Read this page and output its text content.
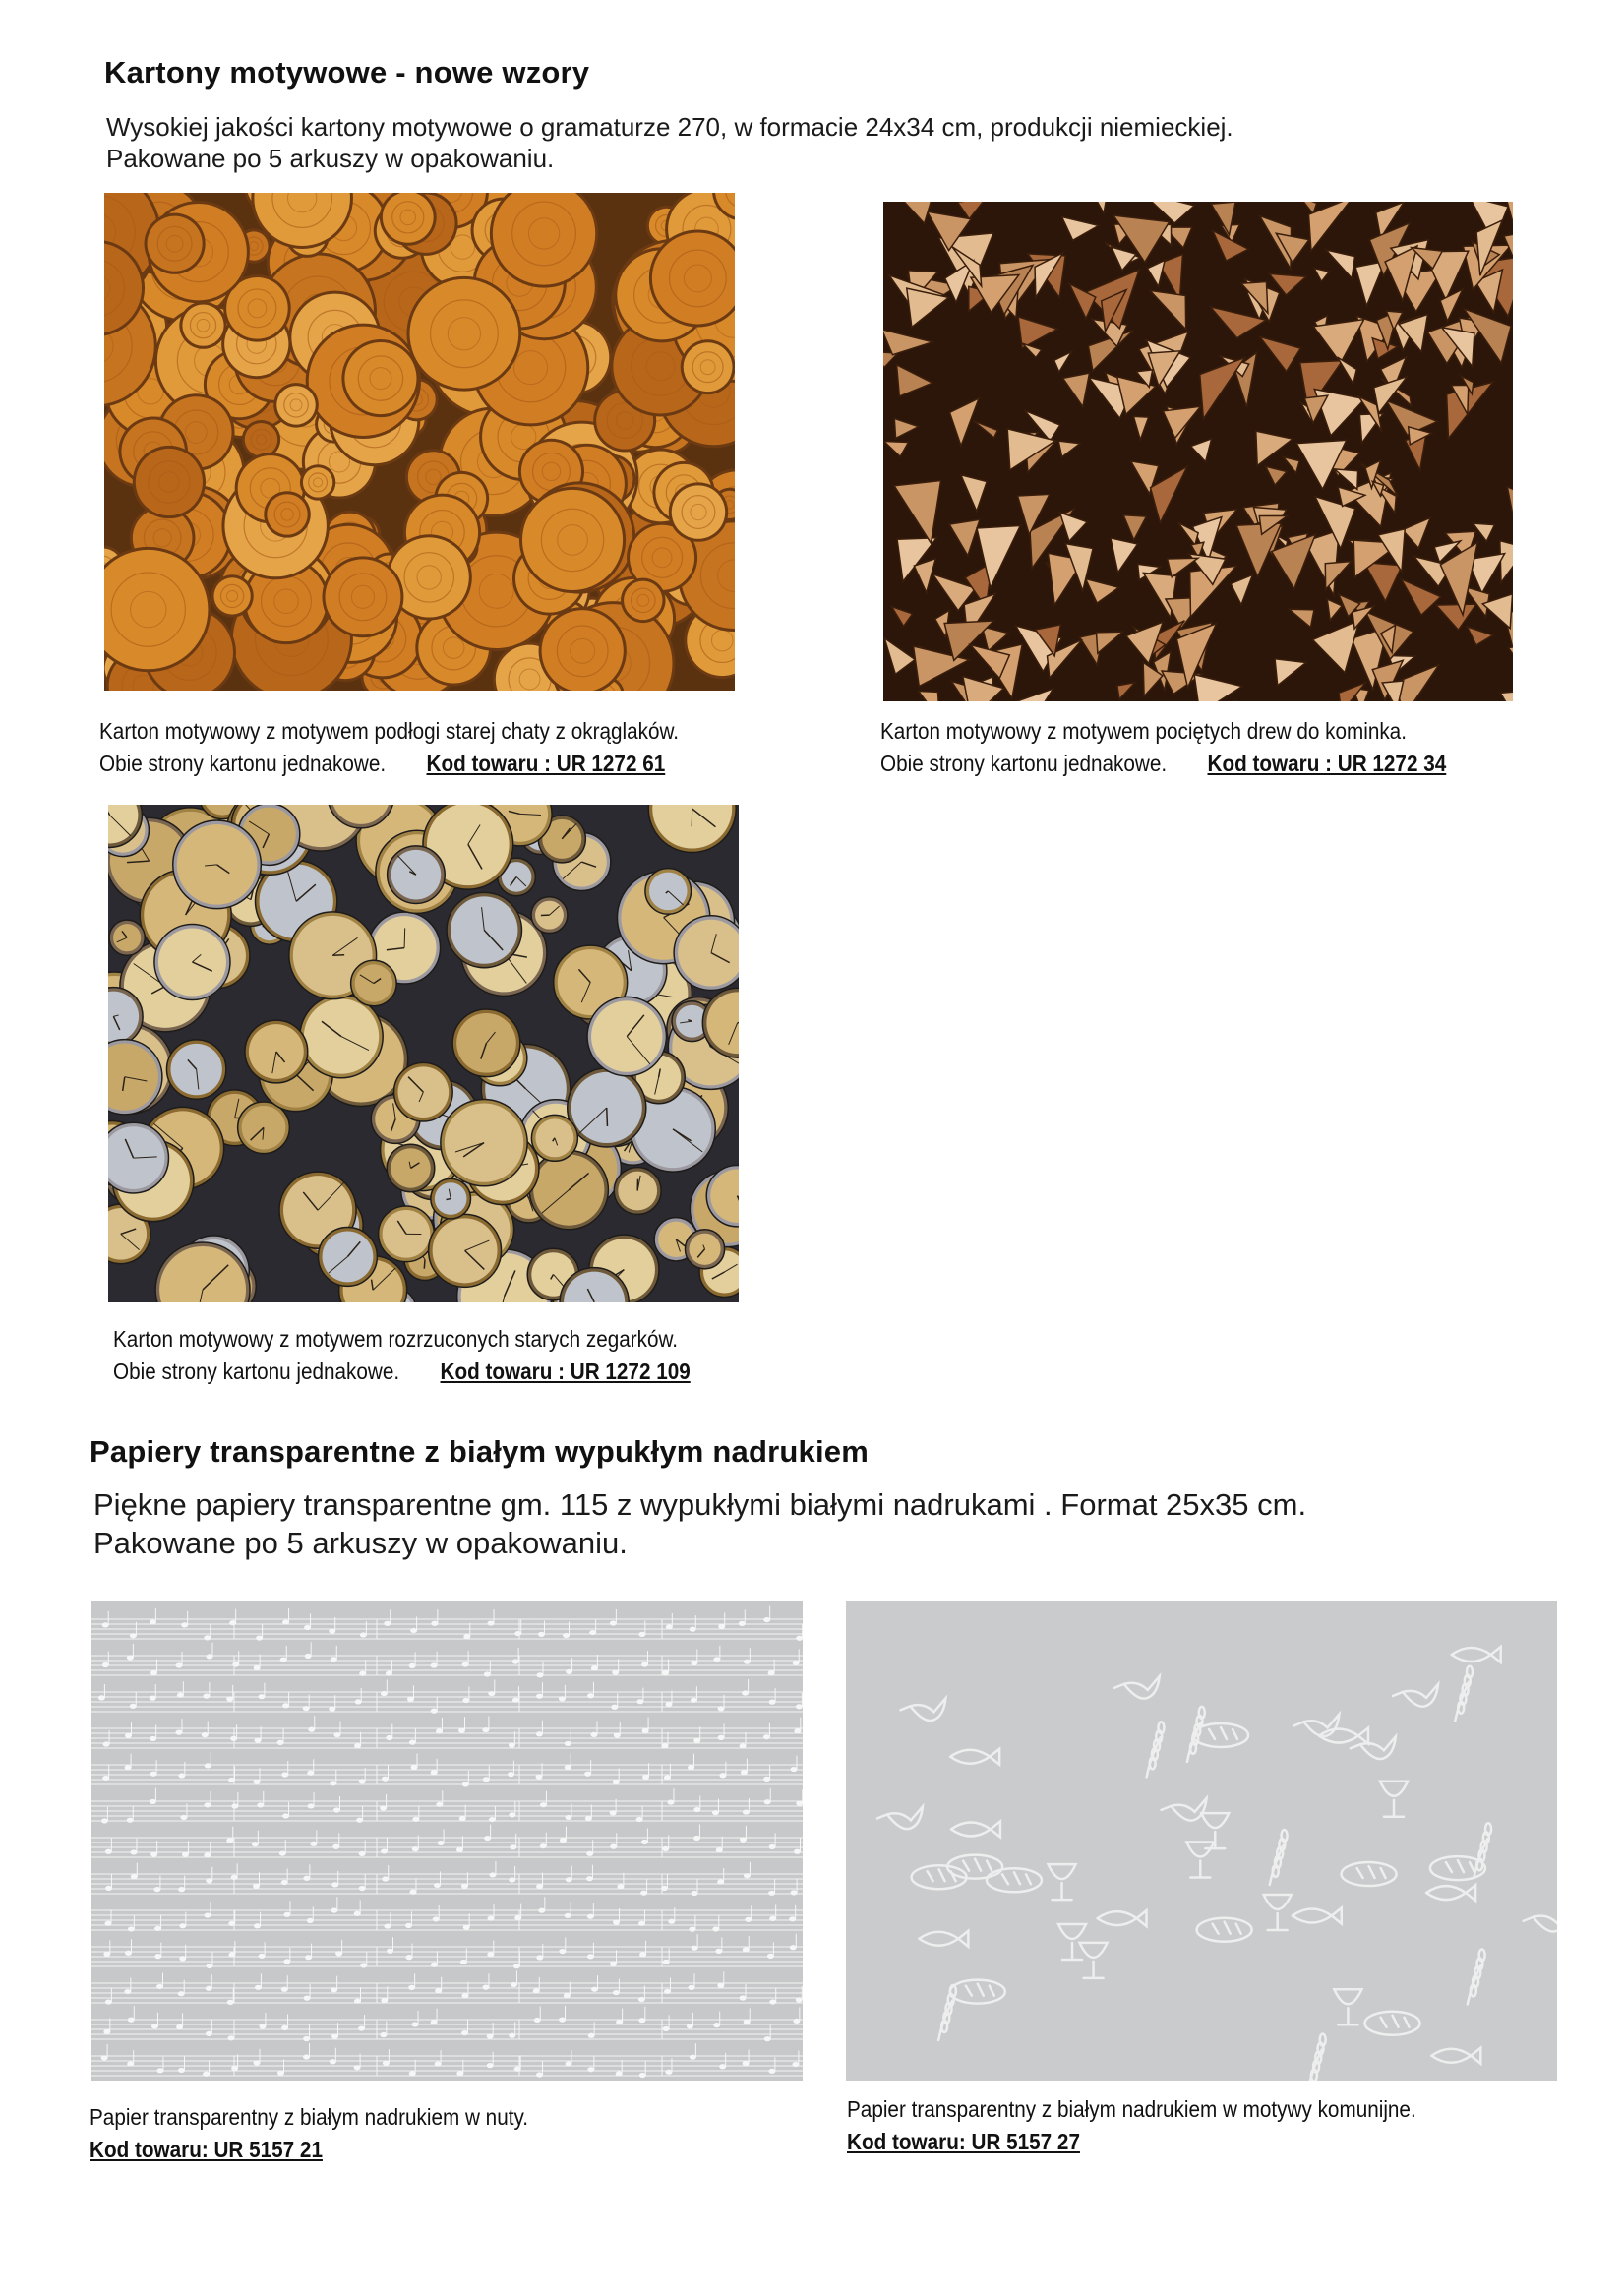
Kartony motywowe - nowe wzory
Wysokiej jakości kartony motywowe o gramaturze 270, w formacie 24x34 cm, produkcji niemieckiej.
Pakowane po 5 arkuszy w opakowaniu.
Karton motywowy z motywem podłogi starej chaty z okrąglaków.
Obie strony kartonu jednakowe. Kod towaru : UR 1272 61
Karton motywowy z motywem pociętych drew do kominka.
Obie strony kartonu jednakowe. Kod towaru : UR 1272 34
Karton motywowy z motywem rozrzuconych starych zegarków.
Obie strony kartonu jednakowe. Kod towaru : UR 1272 109
Papiery transparentne z białym wypukłym nadrukiem
Piękne papiery transparentne gm. 115 z wypukłymi białymi nadrukami . Format 25x35 cm.
Pakowane po 5 arkuszy w opakowaniu.
Papier transparentny z białym nadrukiem w nuty.
Kod towaru: UR 5157 21
Papier transparentny z białym nadrukiem w motywy komunijne.
Kod towaru: UR 5157 27
